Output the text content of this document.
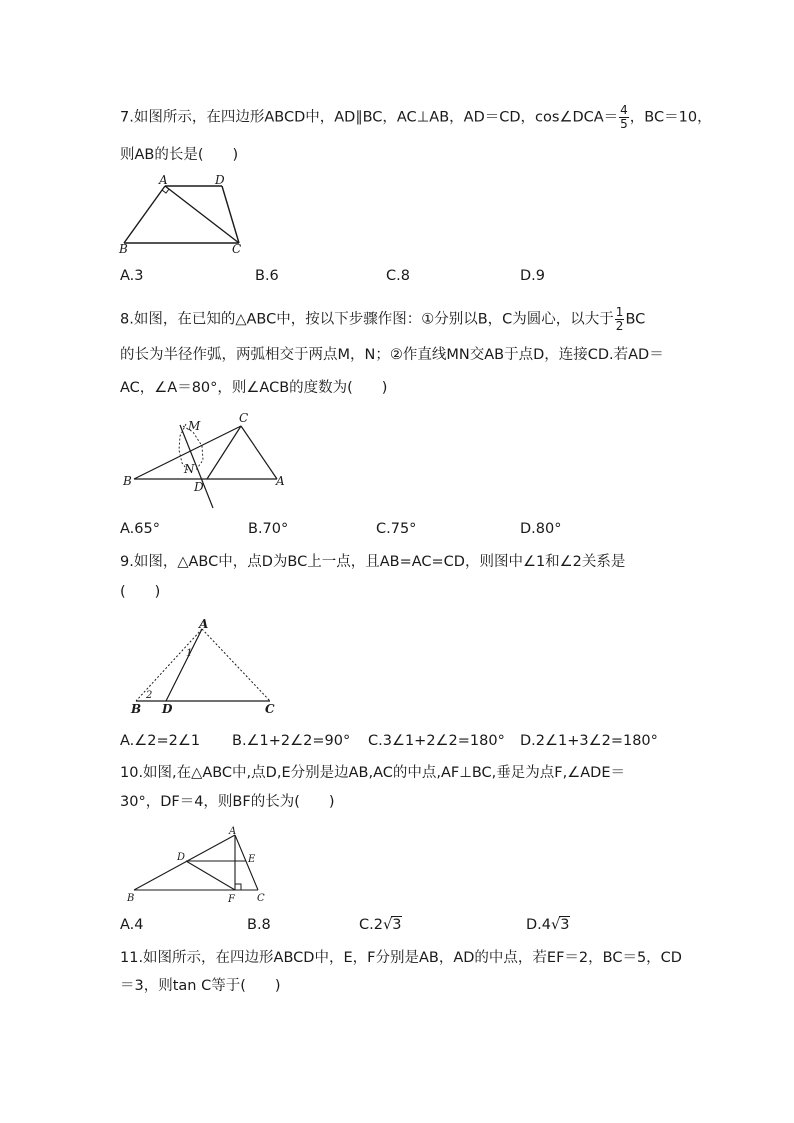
7.如图所示，在四边形ABCD中，AD∥BC，AC⊥AB，AD＝CD，cos∠DCA＝ $\frac{4}{5}$ ，BC＝10，
则AB的长是(　　)
A	D
B	C
A.3	B.6	C.8	D.9
8.如图，在已知的△ABC中，按以下步骤作图：①分别以B，C为圆心，以大于 $\frac{1}{2}$ BC
的长为半径作弧，两弧相交于两点M，N；②作直线MN交AB于点D，连接CD.若AD＝
AC，∠A＝80°，则∠ACB的度数为(　　)
C
M
N
B	D	A
A.65°	B.70°	C.75°	D.80°
9.如图，△ABC中，点D为BC上一点，且AB=AC=CD，则图中∠1和∠2关系是
(　　)
A
1
2
B D	C
A.∠2=2∠1 B.∠1+2∠2=90° C.3∠1+2∠2=180° D.2∠1+3∠2=180°
10.如图,在△ABC中,点D,E分别是边AB,AC的中点,AF⊥BC,垂足为点F,∠ADE＝
30°，DF＝4，则BF的长为(　　)
A
D	E
B	F C
A.4	B.8	C.2√3	D.4√3
11.如图所示，在四边形ABCD中，E，F分别是AB，AD的中点，若EF＝2，BC＝5，CD
＝3，则tan C等于(　　)
